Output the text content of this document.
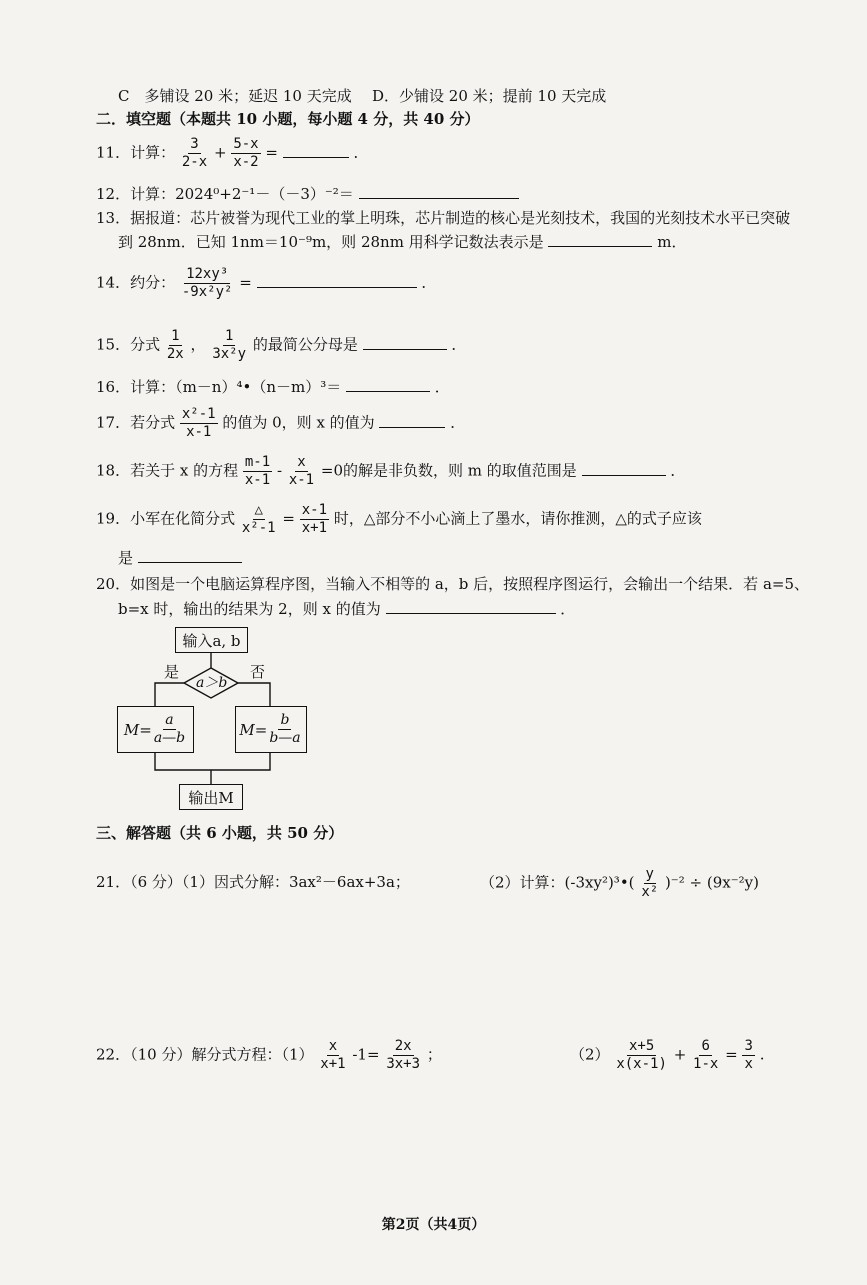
C　多铺设 20 米；延迟 10 天完成 D．少铺设 20 米；提前 10 天完成
二．填空题（本题共 10 小题，每小题 4 分，共 40 分）
11．计算： $\frac{3}{2-x} + \frac{5-x}{x-2}$ =	．
12．计算：2024⁰+2⁻¹－（－3）⁻²＝
13．据报道：芯片被誉为现代工业的掌上明珠，芯片制造的核心是光刻技术，我国的光刻技术水平已突破
到 28nm．已知 1nm＝10⁻⁹m，则 28nm 用科学记数法表示是	m．
14．约分： $\frac{\text{12xy³}}{\text{-9x²y²}}$ =	．
15．分式 $\frac{1}{2x}$ ， $\frac{1}{\text{3x²y}}$ 的最简公分母是	．
16．计算：（m－n）⁴•（n－m）³＝	．
17．若分式 $\frac{\text{x²-1}}{x-1}$ 的值为 0，则 x 的值为	．
18．若关于 x 的方程 $\frac{m-1}{x-1} - \frac{x}{x-1} =0$的解是非负数，则 m 的取值范围是	．
19．小军在化简分式 △
x²-1
= $\frac{x-1}{x+1}$ 时，△部分不小心滴上了墨水，请你推测，△的式子应该
是
20．如图是一个电脑运算程序图，当输入不相等的 a，b 后，按照程序图运行，会输出一个结果．若 a=5、
b=x 时，输出的结果为 2，则 x 的值为	．
a＞b
是	否
输入a, b
$M= \frac{a}{a—b}$	$M= \frac{b}{b—a}$
输出M
三、解答题（共 6 小题，共 50 分）
21．（6 分）（1）因式分解：3ax²－6ax+3a；	（2）计算：(-3xy²)³•( $\frac{y}{\text{x²}} )^{-2} \div (9x^{-2}y)$
22．（10 分）解分式方程：$(1) \frac{x}{x+1} -1= \frac{2x}{3x+3}$ ；	$(2) \frac{x+5}{x(x-1)} + \frac{6}{1-x} = \frac{3}{x}$ .
第2页（共4页）
